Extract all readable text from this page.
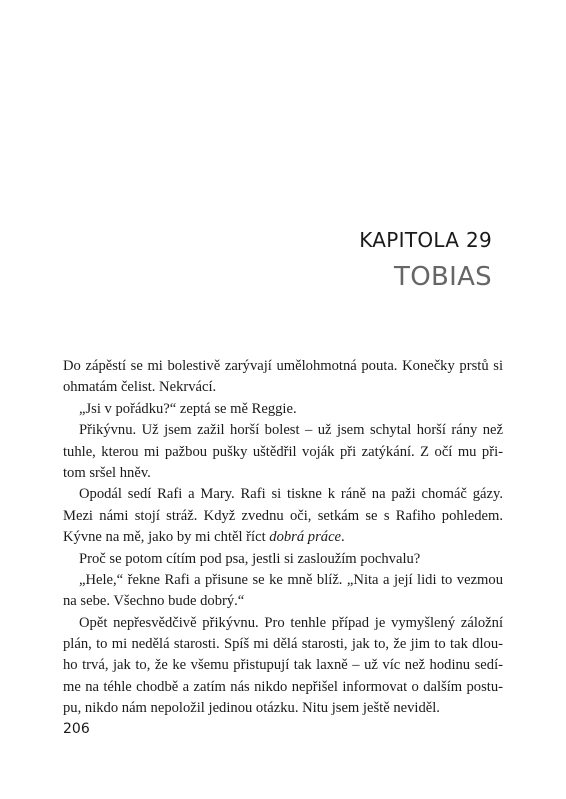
KAPITOLA 29
TOBIAS
Do zápěstí se mi bolestivě zarývají umělohmotná pouta. Konečky prstů si
ohmatám čelist. Nekrvácí.
„Jsi v pořádku?“ zeptá se mě Reggie.
Přikývnu. Už jsem zažil horší bolest – už jsem schytal horší rány než
tuhle, kterou mi pažbou pušky uštědřil voják při zatýkání. Z očí mu při-
tom sršel hněv.
Opodál sedí Rafi a Mary. Rafi si tiskne k ráně na paži chomáč gázy.
Mezi námi stojí stráž. Když zvednu oči, setkám se s Rafiho pohledem.
Kývne na mě, jako by mi chtěl říct dobrá práce.
Proč se potom cítím pod psa, jestli si zasloužím pochvalu?
„Hele,“ řekne Rafi a přisune se ke mně blíž. „Nita a její lidi to vezmou
na sebe. Všechno bude dobrý.“
Opět nepřesvědčivě přikývnu. Pro tenhle případ je vymyšlený záložní
plán, to mi nedělá starosti. Spíš mi dělá starosti, jak to, že jim to tak dlou-
ho trvá, jak to, že ke všemu přistupují tak laxně – už víc než hodinu sedí-
me na téhle chodbě a zatím nás nikdo nepřišel informovat o dalším postu-
pu, nikdo nám nepoložil jedinou otázku. Nitu jsem ještě neviděl.
206
